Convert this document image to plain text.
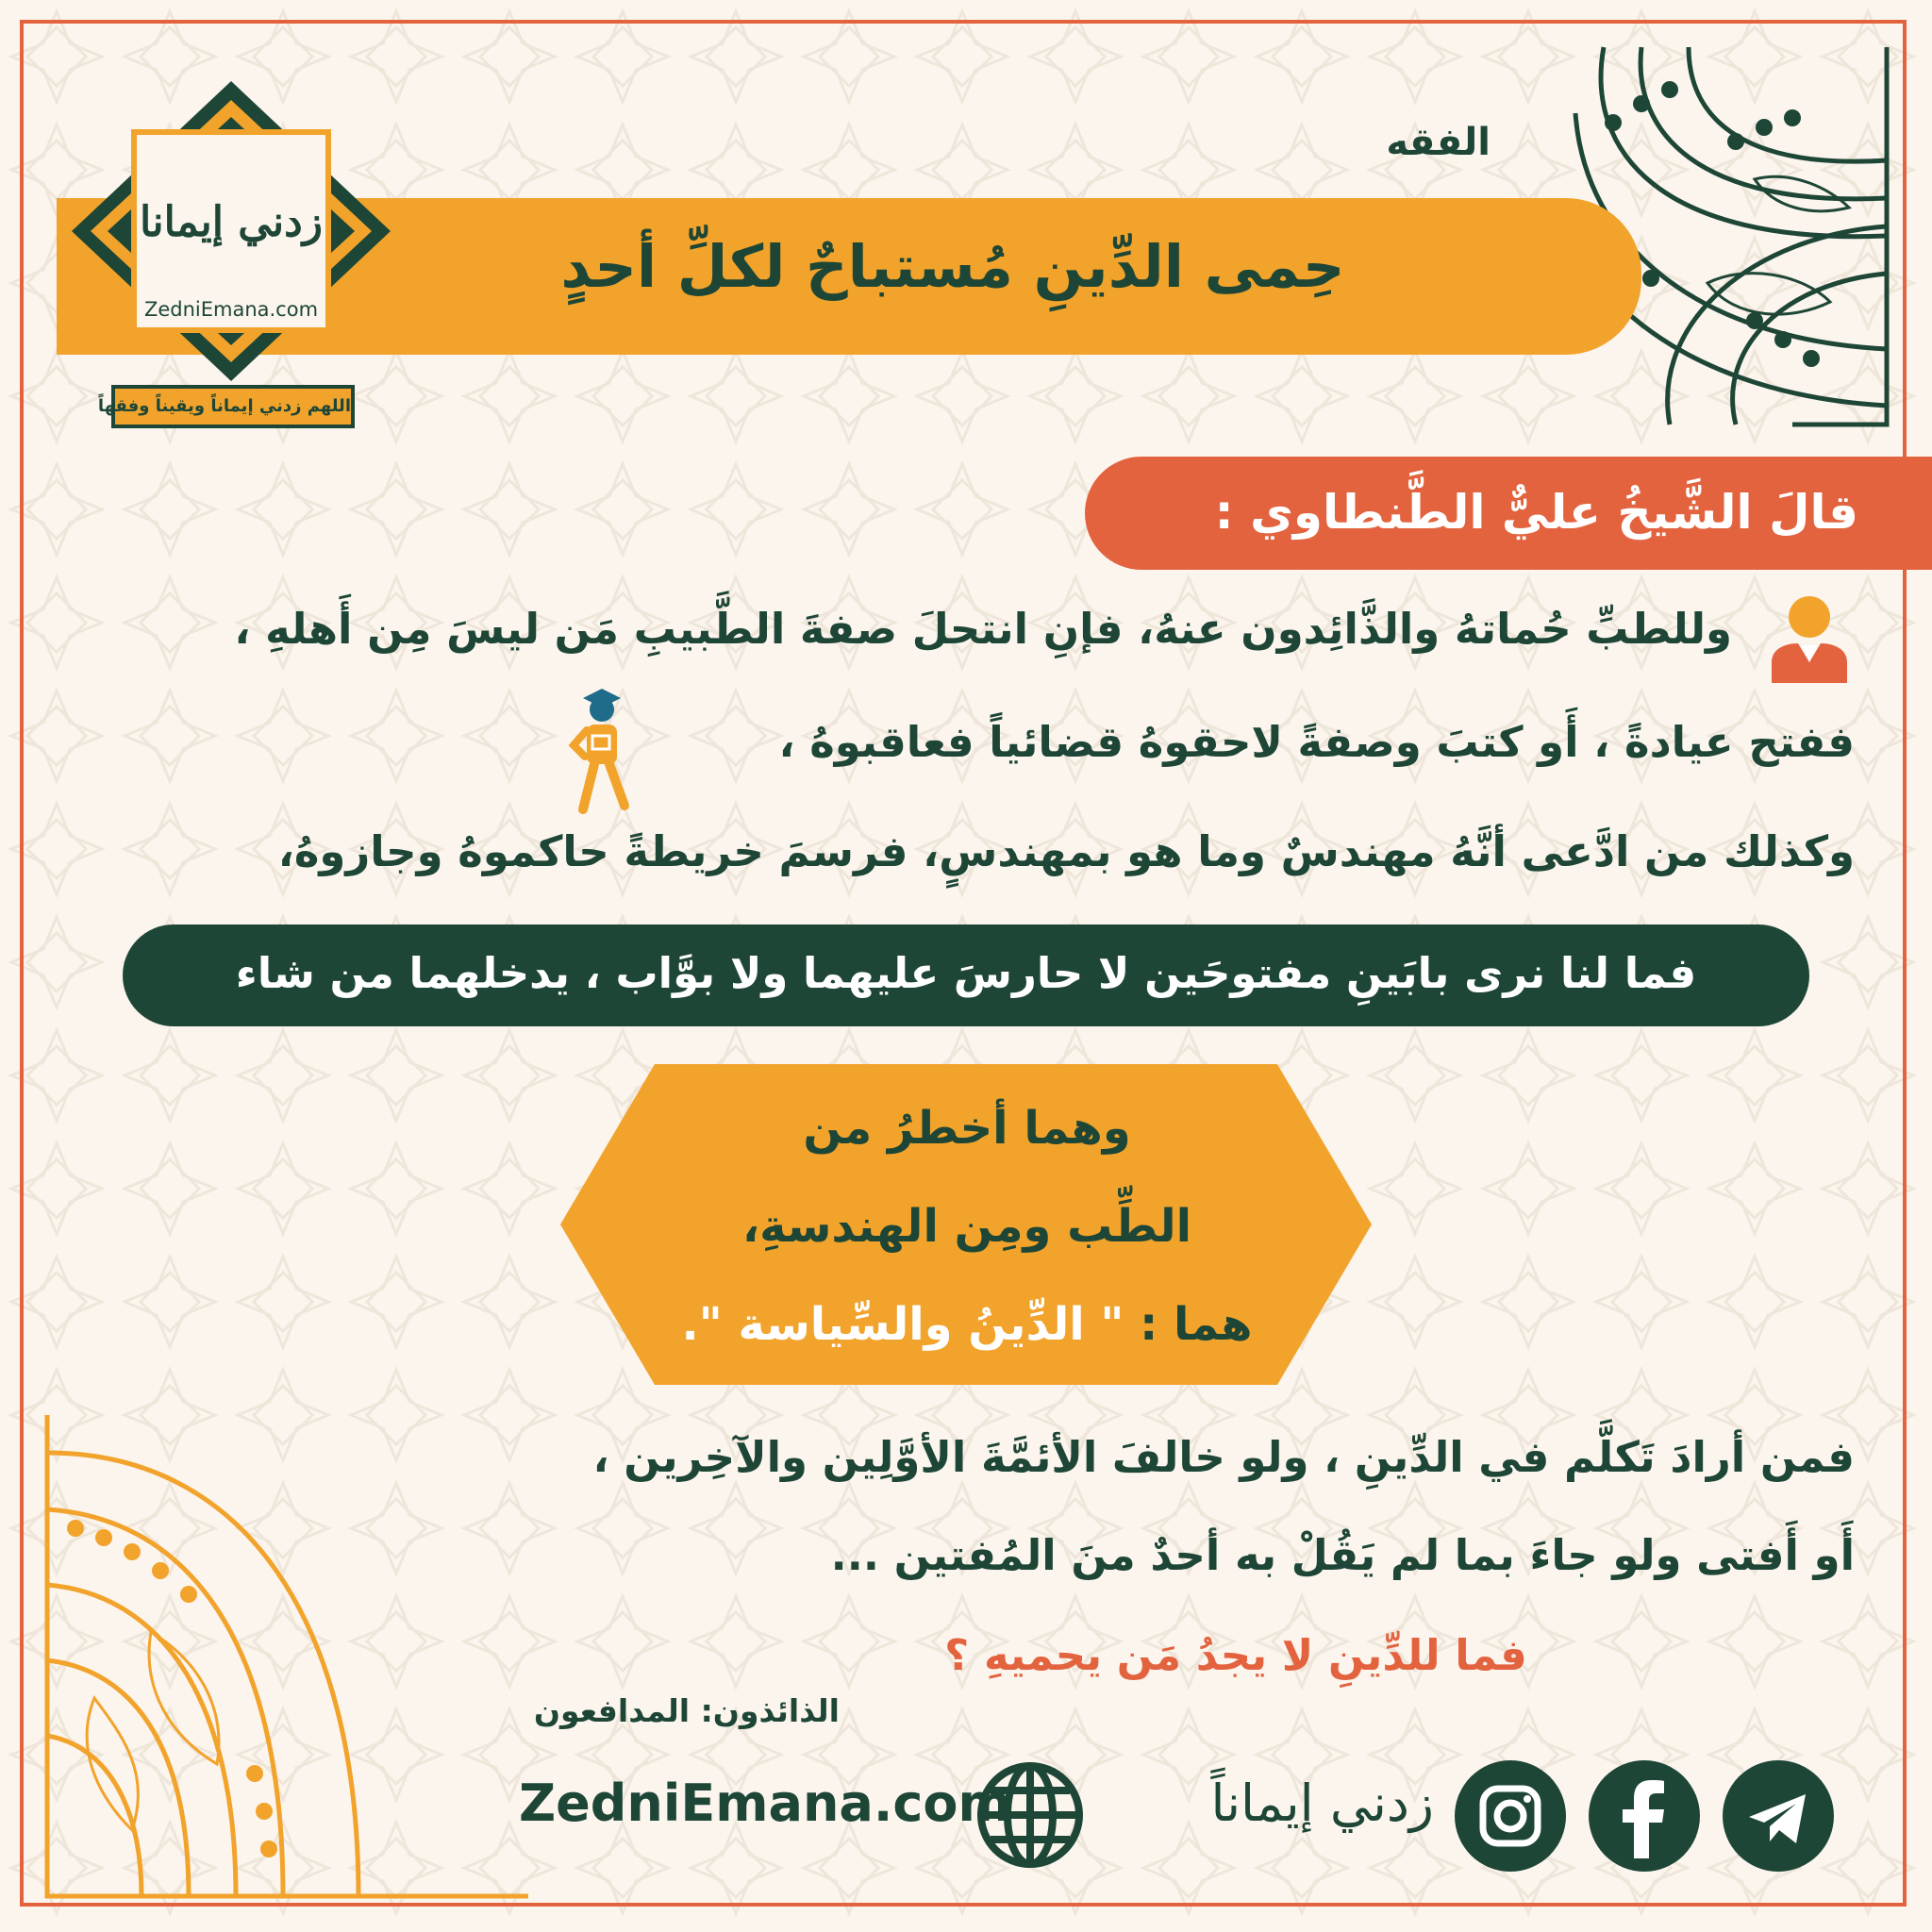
الفقه
حِمى الدِّينِ مُستباحٌ لكلِّ أحدٍ
زدني إيمانا
ZedniEmana.com
اللهم زدني إيماناً ويقيناً وفقهاً
قالَ الشَّيخُ عليٌّ الطَّنطاوي :
وللطبِّ حُماتهُ والذَّائِدون عنهُ، فإنِ انتحلَ صفةَ الطَّبيبِ مَن ليسَ مِن أَهلهِ ،
ففتح عيادةً ، أَو كتبَ وصفةً لاحقوهُ قضائياً فعاقبوهُ ،
وكذلك من ادَّعى أنَّهُ مهندسٌ وما هو بمهندسٍ، فرسمَ خريطةً حاكموهُ وجازوهُ،
فما لنا نرى بابَينِ مفتوحَين لا حارسَ عليهما ولا بوَّاب ، يدخلهما من شاء
وهما أخطرُ من
الطِّب ومِن الهندسةِ،
هما : " الدِّينُ والسِّياسة ".
فمن أرادَ تَكلَّم في الدِّينِ ، ولو خالفَ الأئمَّةَ الأوَّلِين والآخِرين ،
أَو أَفتى ولو جاءَ بما لم يَقُلْ به أحدٌ منَ المُفتين ...
فما للدِّينِ لا يجدُ مَن يحميهِ ؟
الذائذون: المدافعون
زدني إيماناً
ZedniEmana.com
